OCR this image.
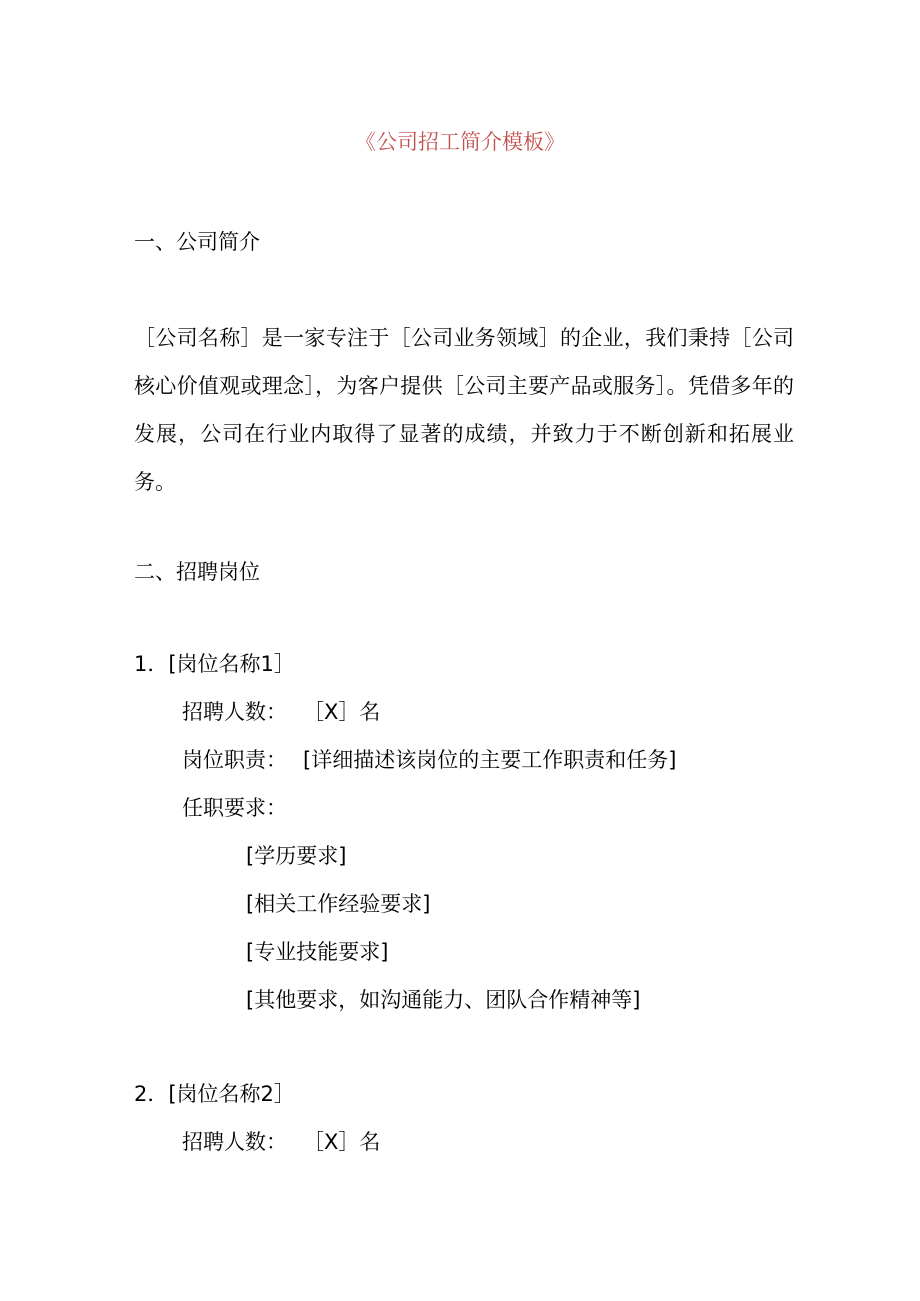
《公司招工简介模板》
一、公司简介
［公司名称］是一家专注于［公司业务领域］的企业，我们秉持［公司核心价值观或理念］，为客户提供［公司主要产品或服务］。凭借多年的发展，公司在行业内取得了显著的成绩，并致力于不断创新和拓展业务。
二、招聘岗位
1．[岗位名称1］
招聘人数： ［X］名
岗位职责： [详细描述该岗位的主要工作职责和任务]
任职要求：
[学历要求]
[相关工作经验要求]
[专业技能要求]
[其他要求，如沟通能力、团队合作精神等]
2．[岗位名称2］
招聘人数： ［X］名
